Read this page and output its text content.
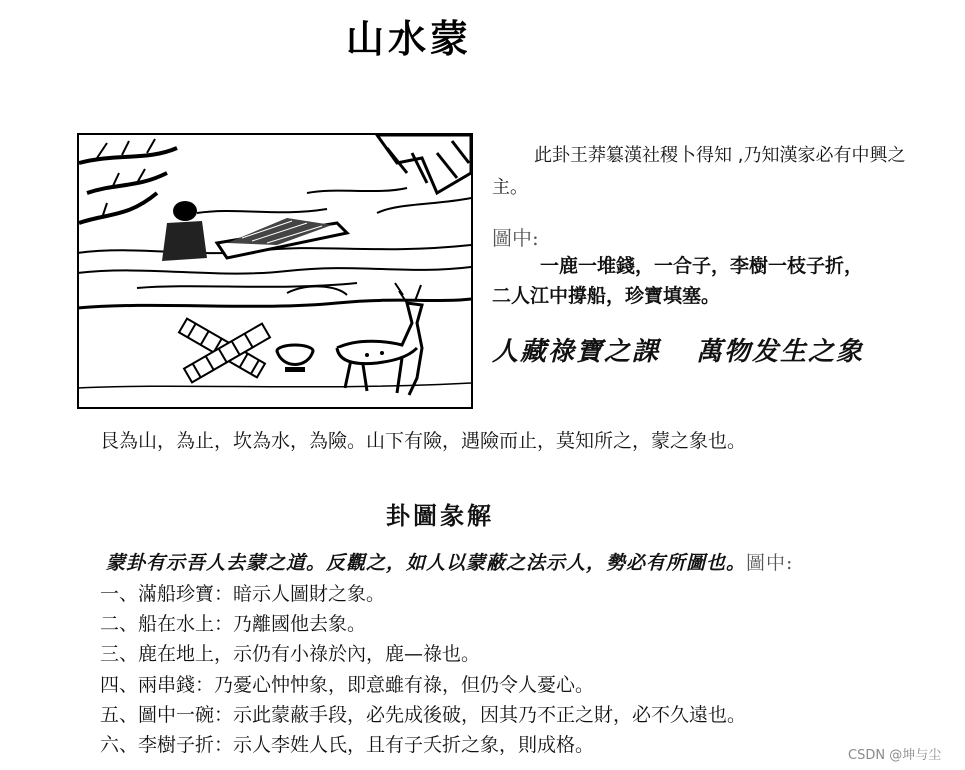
山水蒙

此卦王莽簒漢社稷卜得知 ,乃知漢家必有中興之主。

圖中:
一鹿一堆錢，一合子，李樹一枝子折，
二人江中撐船，珍寶填塞。
人藏祿寶之課 萬物发生之象
艮為山，為止，坎為水，為險。山下有險，遇險而止，莫知所之，蒙之象也。
卦圖彖解
蒙卦有示吾人去蒙之道。反觀之，如人以蒙蔽之法示人，勢必有所圖也。圖中:
一、滿船珍寶：暗示人圖財之象。
二、船在水上：乃離國他去象。
三、鹿在地上，示仍有小祿於內，鹿—祿也。
四、兩串錢：乃憂心忡忡象，即意雖有祿，但仍令人憂心。
五、圖中一碗：示此蒙蔽手段，必先成後破，因其乃不正之財，必不久遠也。
六、李樹子折：示人李姓人氏，且有子夭折之象，則成格。	CSDN @坤与尘
